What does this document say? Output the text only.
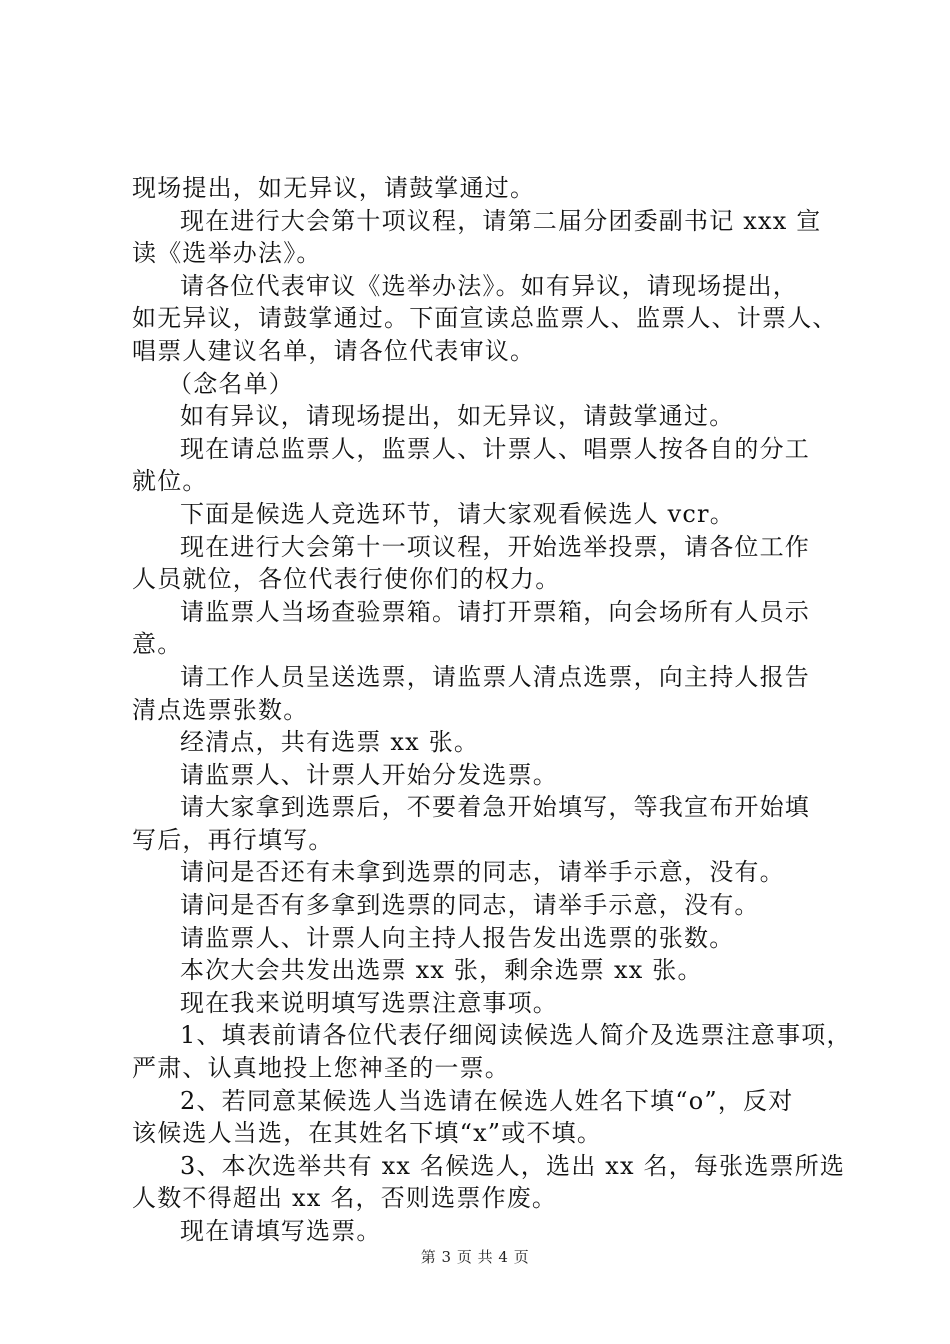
现场提出，如无异议，请鼓掌通过。
现在进行大会第十项议程，请第二届分团委副书记 xxx 宣
读《选举办法》。
请各位代表审议《选举办法》。如有异议，请现场提出，
如无异议，请鼓掌通过。下面宣读总监票人、监票人、计票人、
唱票人建议名单，请各位代表审议。
（念名单）
如有异议，请现场提出，如无异议，请鼓掌通过。
现在请总监票人，监票人、计票人、唱票人按各自的分工
就位。
下面是候选人竞选环节，请大家观看候选人 vcr。
现在进行大会第十一项议程，开始选举投票，请各位工作
人员就位，各位代表行使你们的权力。
请监票人当场查验票箱。请打开票箱，向会场所有人员示
意。
请工作人员呈送选票，请监票人清点选票，向主持人报告
清点选票张数。
经清点，共有选票 xx 张。
请监票人、计票人开始分发选票。
请大家拿到选票后，不要着急开始填写，等我宣布开始填
写后，再行填写。
请问是否还有未拿到选票的同志，请举手示意，没有。
请问是否有多拿到选票的同志，请举手示意，没有。
请监票人、计票人向主持人报告发出选票的张数。
本次大会共发出选票 xx 张，剩余选票 xx 张。
现在我来说明填写选票注意事项。
1、填表前请各位代表仔细阅读候选人简介及选票注意事项，
严肃、认真地投上您神圣的一票。
2、若同意某候选人当选请在候选人姓名下填“o”，反对
该候选人当选，在其姓名下填“x”或不填。
3、本次选举共有 xx 名候选人，选出 xx 名，每张选票所选
人数不得超出 xx 名，否则选票作废。
现在请填写选票。
第 3 页 共 4 页
